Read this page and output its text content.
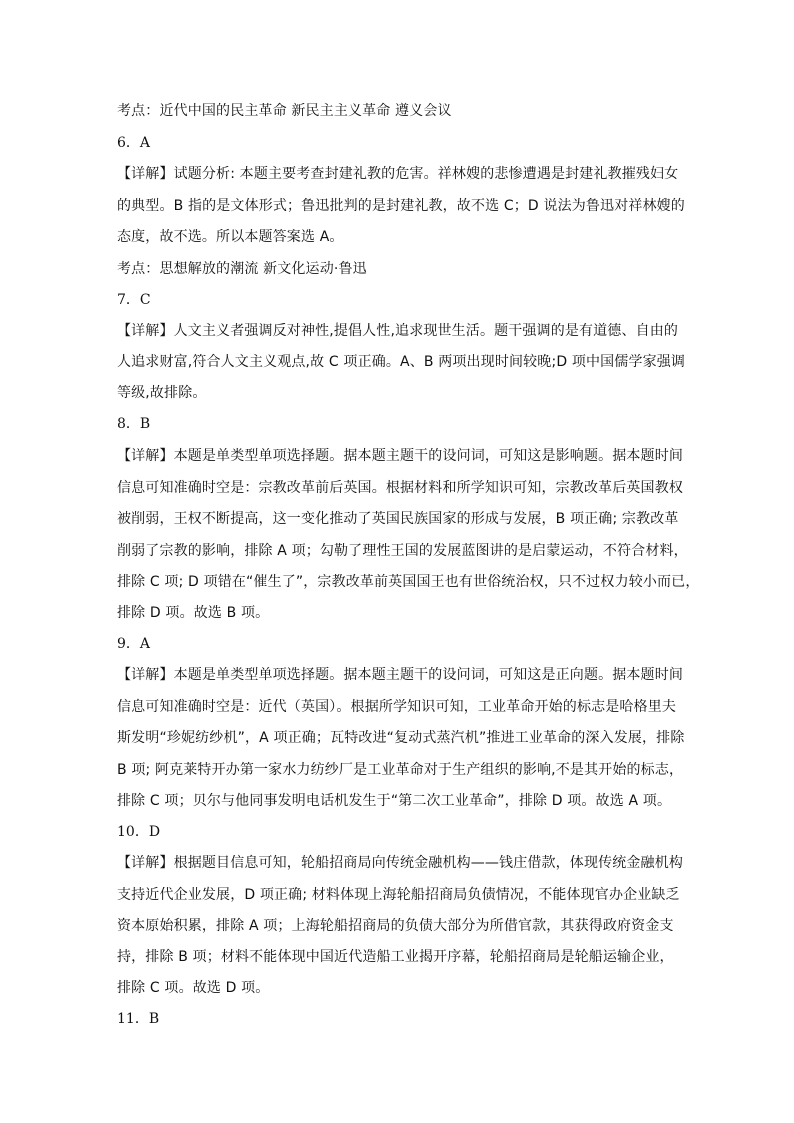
考点：近代中国的民主革命 新民主主义革命 遵义会议
6．A
【详解】试题分析: 本题主要考查封建礼教的危害。祥林嫂的悲惨遭遇是封建礼教摧残妇女
的典型。B 指的是文体形式；鲁迅批判的是封建礼教，故不选 C；D 说法为鲁迅对祥林嫂的
态度，故不选。所以本题答案选 A。
考点：思想解放的潮流 新文化运动·鲁迅
7．C
【详解】人文主义者强调反对神性,提倡人性,追求现世生活。题干强调的是有道德、自由的
人追求财富,符合人文主义观点,故 C 项正确。A、B 两项出现时间较晚;D 项中国儒学家强调
等级,故排除。
8．B
【详解】本题是单类型单项选择题。据本题主题干的设问词，可知这是影响题。据本题时间
信息可知准确时空是：宗教改革前后英国。根据材料和所学知识可知，宗教改革后英国教权
被削弱，王权不断提高，这一变化推动了英国民族国家的形成与发展，B 项正确; 宗教改革
削弱了宗教的影响，排除 A 项；勾勒了理性王国的发展蓝图讲的是启蒙运动，不符合材料，
排除 C 项; D 项错在“催生了”，宗教改革前英国国王也有世俗统治权，只不过权力较小而已，
排除 D 项。故选 B 项。
9．A
【详解】本题是单类型单项选择题。据本题主题干的设问词，可知这是正向题。据本题时间
信息可知准确时空是：近代（英国）。根据所学知识可知，工业革命开始的标志是哈格里夫
斯发明“珍妮纺纱机”，A 项正确；瓦特改进“复动式蒸汽机”推进工业革命的深入发展，排除
B 项; 阿克莱特开办第一家水力纺纱厂是工业革命对于生产组织的影响,不是其开始的标志，
排除 C 项；贝尔与他同事发明电话机发生于“第二次工业革命”，排除 D 项。故选 A 项。
10．D
【详解】根据题目信息可知，轮船招商局向传统金融机构——钱庄借款，体现传统金融机构
支持近代企业发展，D 项正确; 材料体现上海轮船招商局负债情况，不能体现官办企业缺乏
资本原始积累，排除 A 项；上海轮船招商局的负债大部分为所借官款，其获得政府资金支
持，排除 B 项；材料不能体现中国近代造船工业揭开序幕，轮船招商局是轮船运输企业，
排除 C 项。故选 D 项。
11．B
